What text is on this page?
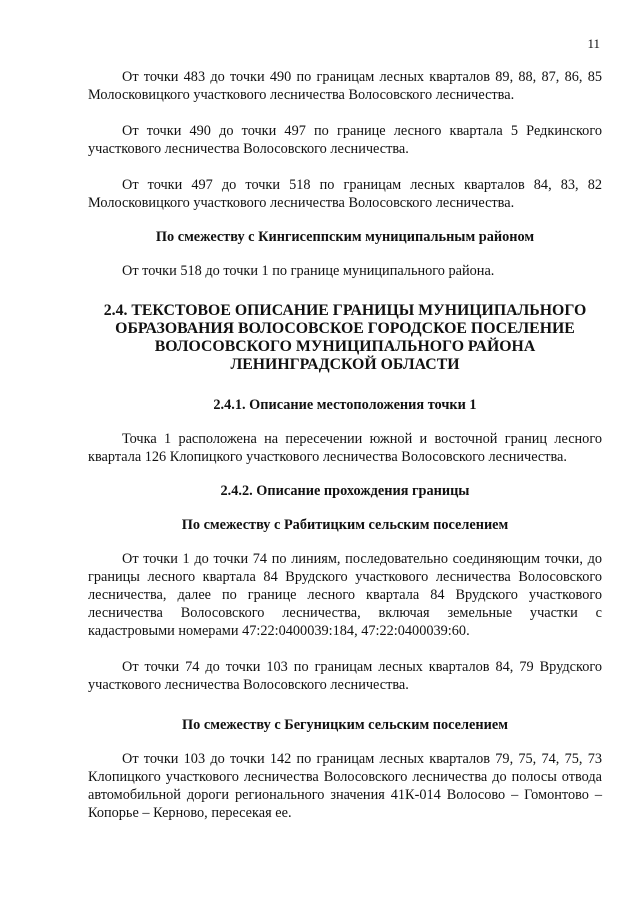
11

От точки 483 до точки 490 по границам лесных кварталов 89, 88, 87, 86, 85 Молосковицкого участкового лесничества Волосовского лесничества.

От точки 490 до точки 497 по границе лесного квартала 5 Редкинского участкового лесничества Волосовского лесничества.

От точки 497 до точки 518 по границам лесных кварталов 84, 83, 82 Молосковицкого участкового лесничества Волосовского лесничества.

По смежеству с Кингисеппским муниципальным районом

От точки 518 до точки 1 по границе муниципального района.

2.4. ТЕКСТОВОЕ ОПИСАНИЕ ГРАНИЦЫ МУНИЦИПАЛЬНОГО ОБРАЗОВАНИЯ ВОЛОСОВСКОЕ ГОРОДСКОЕ ПОСЕЛЕНИЕ ВОЛОСОВСКОГО МУНИЦИПАЛЬНОГО РАЙОНА ЛЕНИНГРАДСКОЙ ОБЛАСТИ

2.4.1. Описание местоположения точки 1

Точка 1 расположена на пересечении южной и восточной границ лесного квартала 126 Клопицкого участкового лесничества Волосовского лесничества.

2.4.2. Описание прохождения границы

По смежеству с Рабитицким сельским поселением

От точки 1 до точки 74 по линиям, последовательно соединяющим точки, до границы лесного квартала 84 Врудского участкового лесничества Волосовского лесничества, далее по границе лесного квартала 84 Врудского участкового лесничества Волосовского лесничества, включая земельные участки с кадастровыми номерами 47:22:0400039:184, 47:22:0400039:60.

От точки 74 до точки 103 по границам лесных кварталов 84, 79 Врудского участкового лесничества Волосовского лесничества.

По смежеству с Бегуницким сельским поселением

От точки 103 до точки 142 по границам лесных кварталов 79, 75, 74, 75, 73 Клопицкого участкового лесничества Волосовского лесничества до полосы отвода автомобильной дороги регионального значения 41К-014 Волосово – Гомонтово – Копорье – Керново, пересекая ее.
